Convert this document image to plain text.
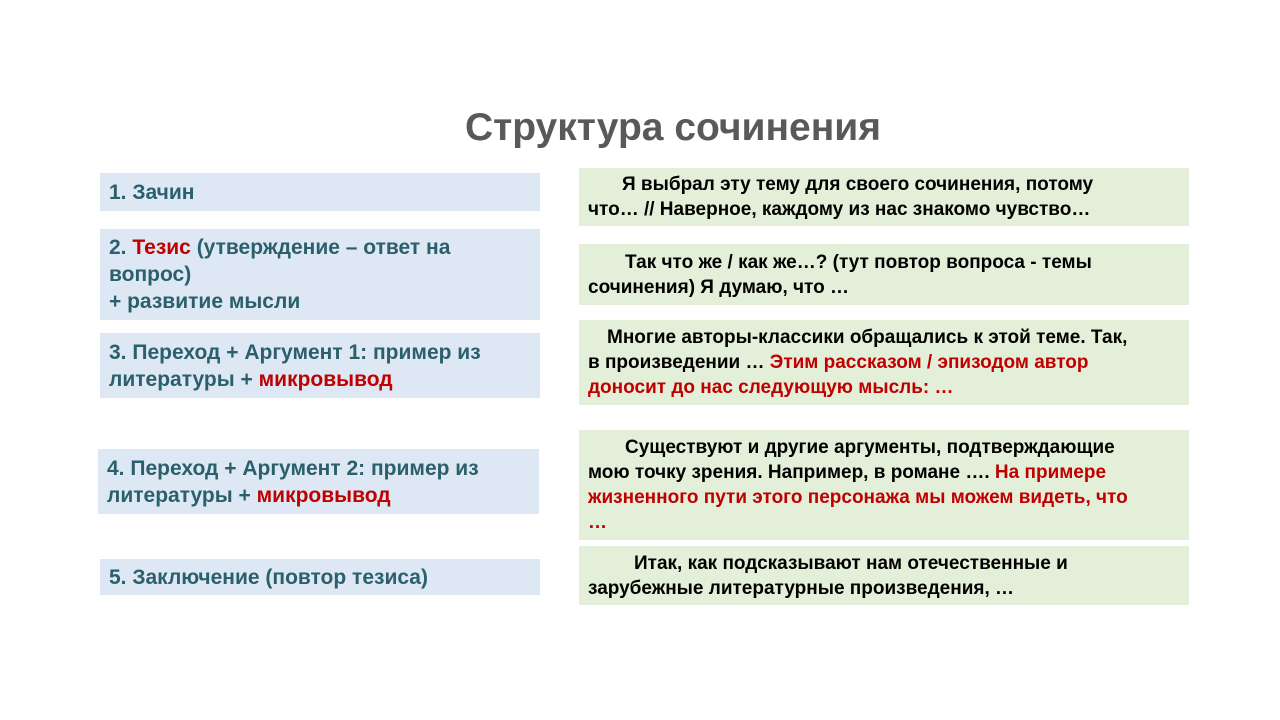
Структура сочинения
1. Зачин	Я выбрал эту тему для своего сочинения, потому
что… // Наверное, каждому из нас знакомо чувство…
2. Тезис (утверждение – ответ на
вопрос)
+ развитие мысли
Так что же / как же…? (тут повтор вопроса - темы
сочинения) Я думаю, что …
3. Переход + Аргумент 1: пример из
литературы + микровывод
Многие авторы-классики обращались к этой теме. Так,
в произведении … Этим рассказом / эпизодом автор
доносит до нас следующую мысль: …
4. Переход + Аргумент 2: пример из
литературы + микровывод
Существуют и другие аргументы, подтверждающие
мою точку зрения. Например, в романе …. На примере
жизненного пути этого персонажа мы можем видеть, что
…
5. Заключение (повтор тезиса)
Итак, как подсказывают нам отечественные и
зарубежные литературные произведения, …
